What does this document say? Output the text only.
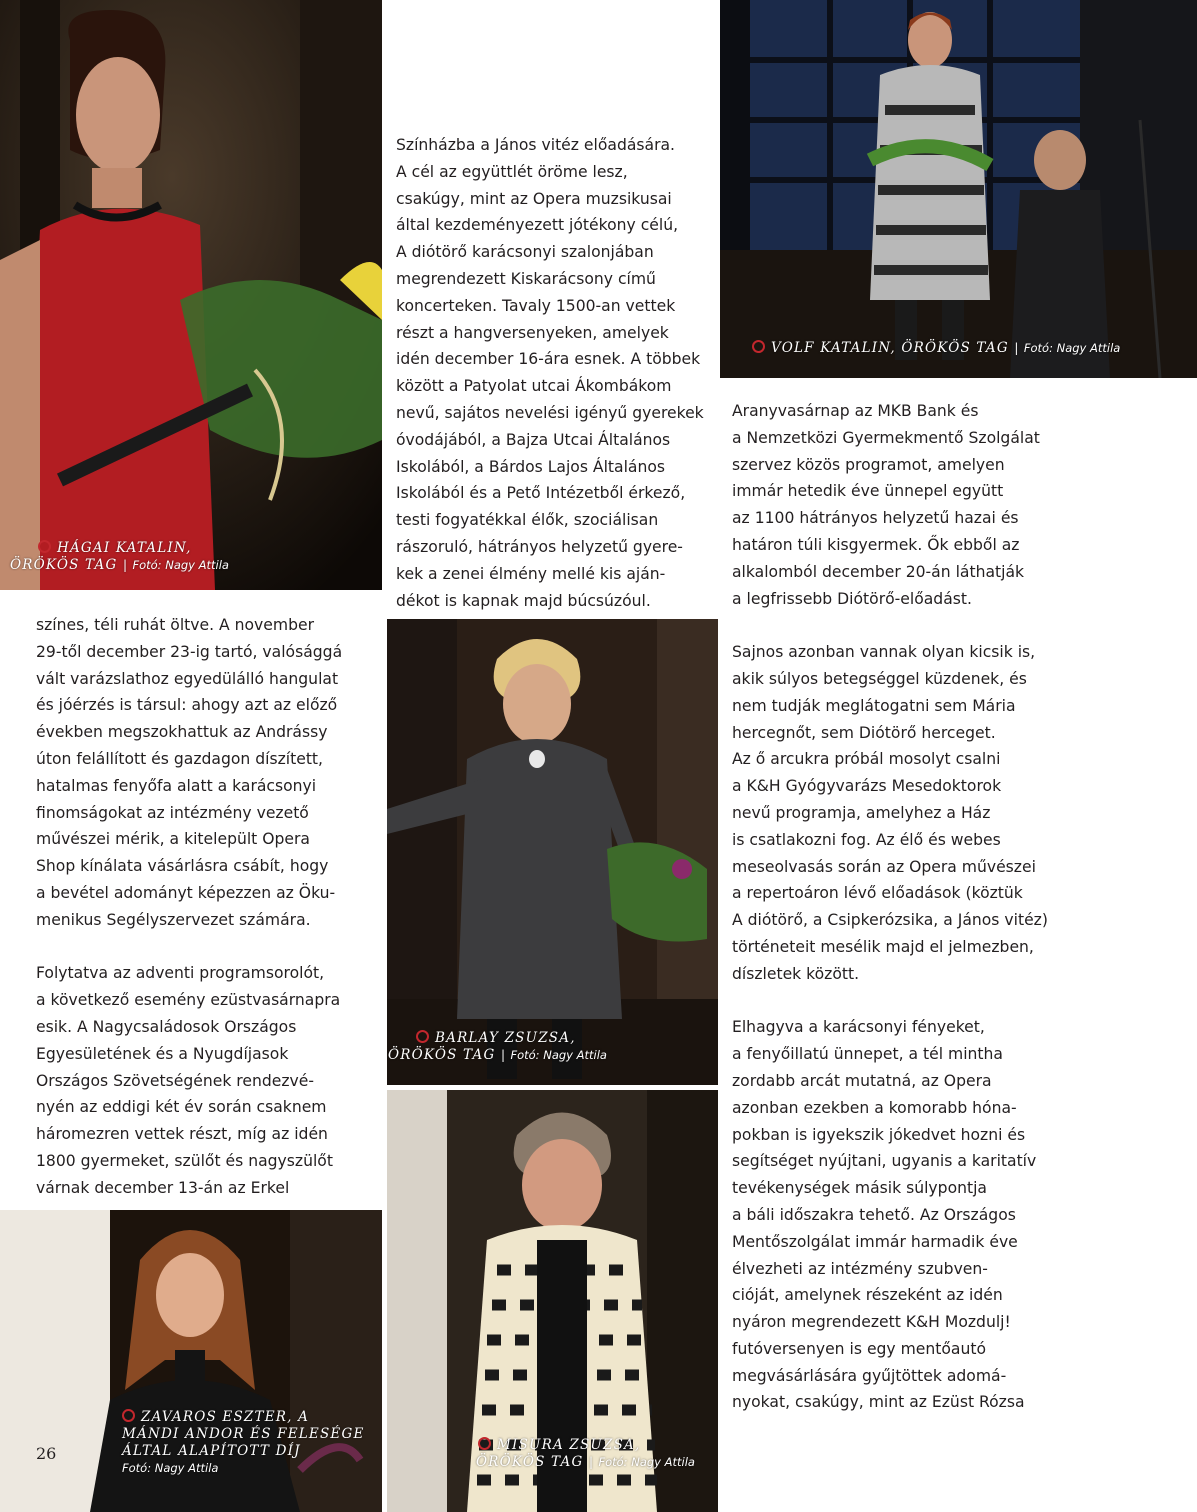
HÁGAI KATALIN,
ÖRÖKÖS TAG | Fotó: Nagy Attila
VOLF KATALIN, ÖRÖKÖS TAG | Fotó: Nagy Attila
BARLAY ZSUZSA,
ÖRÖKÖS TAG | Fotó: Nagy Attila
MISURA ZSUZSA,
ÖRÖKÖS TAG | Fotó: Nagy Attila
ZAVAROS ESZTER, A
MÁNDI ANDOR ÉS FELESÉGE
ÁLTAL ALAPÍTOTT DÍJ
Fotó: Nagy Attila

színes, téli ruhát öltve. A november
29-től december 23-ig tartó, valósággá
vált varázslathoz egyedülálló hangulat
és jóérzés is társul: ahogy azt az előző
években megszokhattuk az Andrássy
úton felállított és gazdagon díszített,
hatalmas fenyőfa alatt a karácsonyi
finomságokat az intézmény vezető
művészei mérik, a kitelepült Opera
Shop kínálata vásárlásra csábít, hogy
a bevétel adományt képezzen az Öku-
menikus Segélyszervezet számára.

Folytatva az adventi programsorolót,
a következő esemény ezüstvasárnapra
esik. A Nagycsaládosok Országos
Egyesületének és a Nyugdíjasok
Országos Szövetségének rendezvé-
nyén az eddigi két év során csaknem
háromezren vettek részt, míg az idén
1800 gyermeket, szülőt és nagyszülőt
várnak december 13-án az Erkel

Színházba a János vitéz előadására.
A cél az együttlét öröme lesz,
csakúgy, mint az Opera muzsikusai
által kezdeményezett jótékony célú,
A diótörő karácsonyi szalonjában
megrendezett Kiskarácsony című
koncerteken. Tavaly 1500-an vettek
részt a hangversenyeken, amelyek
idén december 16-ára esnek. A többek
között a Patyolat utcai Ákombákom
nevű, sajátos nevelési igényű gyerekek
óvodájából, a Bajza Utcai Általános
Iskolából, a Bárdos Lajos Általános
Iskolából és a Pető Intézetből érkező,
testi fogyatékkal élők, szociálisan
rászoruló, hátrányos helyzetű gyere-
kek a zenei élmény mellé kis aján-
dékot is kapnak majd búcsúzóul.

Aranyvasárnap az MKB Bank és
a Nemzetközi Gyermekmentő Szolgálat
szervez közös programot, amelyen
immár hetedik éve ünnepel együtt
az 1100 hátrányos helyzetű hazai és
határon túli kisgyermek. Ők ebből az
alkalomból december 20-án láthatják
a legfrissebb Diótörő-előadást.

Sajnos azonban vannak olyan kicsik is,
akik súlyos betegséggel küzdenek, és
nem tudják meglátogatni sem Mária
hercegnőt, sem Diótörő herceget.
Az ő arcukra próbál mosolyt csalni
a K&H Gyógyvarázs Mesedoktorok
nevű programja, amelyhez a Ház
is csatlakozni fog. Az élő és webes
meseolvasás során az Opera művészei
a repertoáron lévő előadások (köztük
A diótörő, a Csipkerózsika, a János vitéz)
történeteit mesélik majd el jelmezben,
díszletek között.

Elhagyva a karácsonyi fényeket,
a fenyőillatú ünnepet, a tél mintha
zordabb arcát mutatná, az Opera
azonban ezekben a komorabb hóna-
pokban is igyekszik jókedvet hozni és
segítséget nyújtani, ugyanis a karitatív
tevékenységek másik súlypontja
a báli időszakra tehető. Az Országos
Mentőszolgálat immár harmadik éve
élvezheti az intézmény szubven-
cióját, amelynek részeként az idén
nyáron megrendezett K&H Mozdulj!
futóversenyen is egy mentőautó
megvásárlására gyűjtöttek adomá-
nyokat, csakúgy, mint az Ezüst Rózsa

26
